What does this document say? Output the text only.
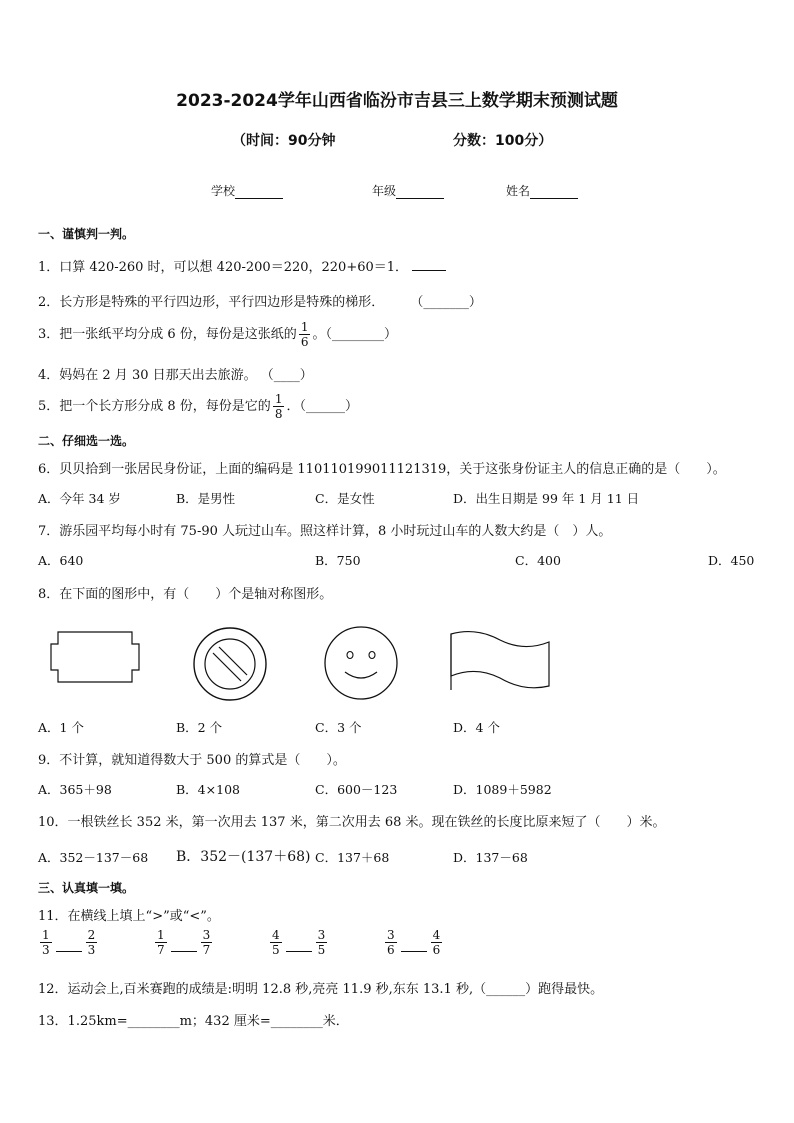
2023-2024学年山西省临汾市吉县三上数学期末预测试题
（时间：90分钟	分数：100分）
学校	年级	姓名
一、谨慎判一判。
1．口算 420-260 时，可以想 420-200＝220，220+60＝1．
2．长方形是特殊的平行四边形，平行四边形是特殊的梯形． （_______）
3．把一张纸平均分成 6 份，每份是这张纸的 $\frac{1}{6}$ 。（________）
4．妈妈在 2 月 30 日那天出去旅游。 （____）
5．把一个长方形分成 8 份，每份是它的 $\frac{1}{8}$ ．（______）
二、仔细选一选。
6．贝贝拾到一张居民身份证，上面的编码是 110110199011121319，关于这张身份证主人的信息正确的是（　　）。
A．今年 34 岁	B．是男性	C．是女性	D．出生日期是 99 年 1 月 11 日
7．游乐园平均每小时有 75-90 人玩过山车。照这样计算，8 小时玩过山车的人数大约是（　）人。
A．640	B．750	C．400	D．450
8．在下面的图形中，有（　　）个是轴对称图形。
A．1 个	B．2 个	C．3 个	D．4 个
9．不计算，就知道得数大于 500 的算式是（　　）。
A．365＋98	B．4×108	C．600－123	D．1089＋5982
10．一根铁丝长 352 米，第一次用去 137 米，第二次用去 68 米。现在铁丝的长度比原来短了（　　）米。
A．352－137－68 B．352－(137＋68) C．137＋68	D．137－68
三、认真填一填。
11．在横线上填上“>”或“<”。
$\frac{1}{3}$	$\frac{2}{3}$	$\frac{1}{7}$	$\frac{3}{7}$	$\frac{4}{5}$	$\frac{3}{5}$	$\frac{3}{6}$	$\frac{4}{6}$
12．运动会上,百米赛跑的成绩是:明明 12.8 秒,亮亮 11.9 秒,东东 13.1 秒,（______）跑得最快。
13．1.25km=________m；432 厘米=________米．
